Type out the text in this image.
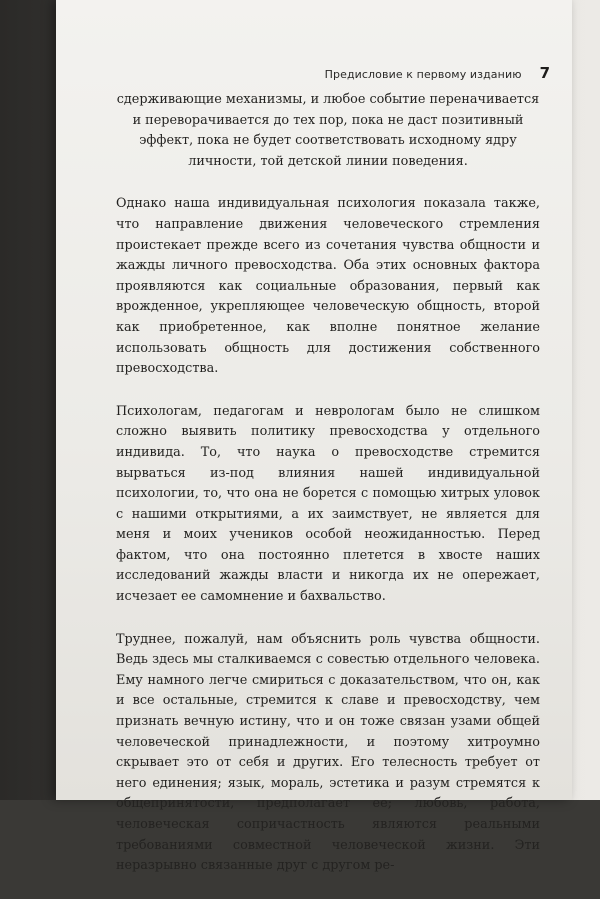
Предисловие к первому изданию 7

сдерживающие механизмы, и любое событие переначивается и переворачивается до тех пор, пока не даст позитивный эффект, пока не будет соответствовать исходному ядру личности, той детской линии поведения.

Однако наша индивидуальная психология показала также, что направление движения человеческого стремления проистекает прежде всего из сочетания чувства общности и жажды личного превосходства. Оба этих основных фактора проявляются как социальные образования, первый как врожденное, укрепляющее человеческую общность, второй как приобретенное, как вполне понятное желание использовать общность для достижения собственного превосходства.

Психологам, педагогам и неврологам было не слишком сложно выявить политику превосходства у отдельного индивида. То, что наука о превосходстве стремится вырваться из-под влияния нашей индивидуальной психологии, то, что она не борется с помощью хитрых уловок с нашими открытиями, а их заимствует, не является для меня и моих учеников особой неожиданностью. Перед фактом, что она постоянно плетется в хвосте наших исследований жажды власти и никогда их не опережает, исчезает ее самомнение и бахвальство.

Труднее, пожалуй, нам объяснить роль чувства общности. Ведь здесь мы сталкиваемся с совестью отдельного человека. Ему намного легче смириться с доказательством, что он, как и все остальные, стремится к славе и превосходству, чем признать вечную истину, что и он тоже связан узами общей человеческой принадлежности, и поэтому хитроумно скрывает это от себя и других. Его телесность требует от него единения; язык, мораль, эстетика и разум стремятся к общепринятости, предполагает ее; любовь, работа, человеческая сопричастность являются реальными требованиями совместной человеческой жизни. Эти неразрывно связанные друг с другом ре-
